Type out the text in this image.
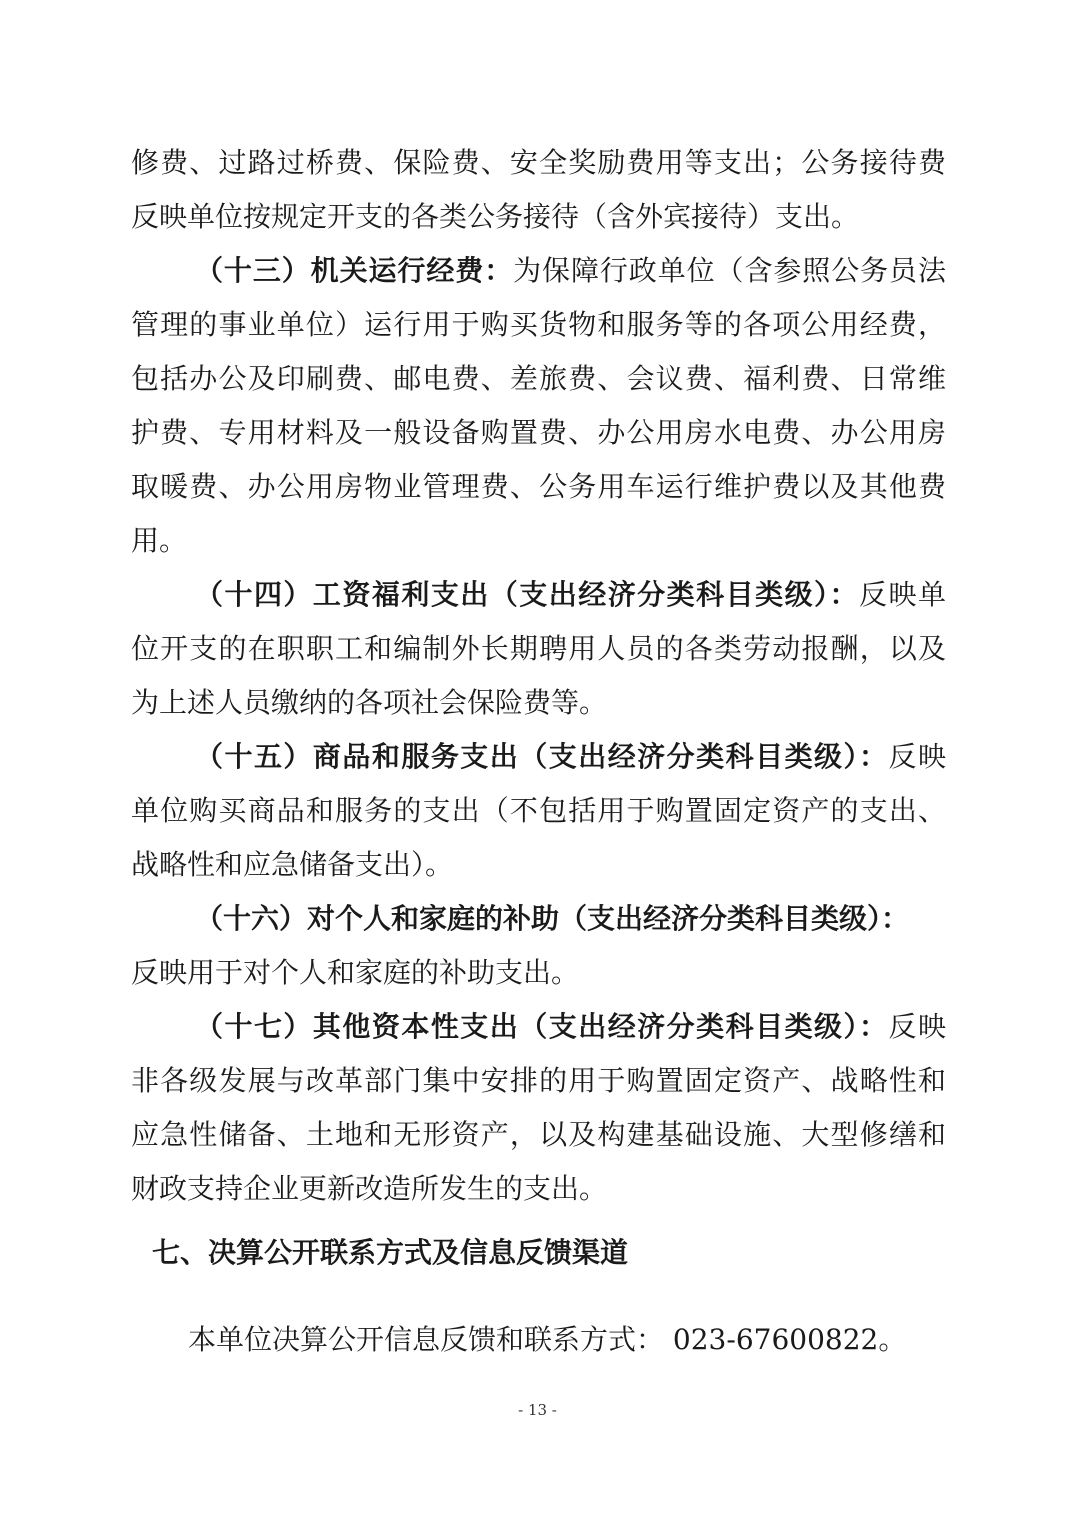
修费、过路过桥费、保险费、安全奖励费用等支出；公务接待费
反映单位按规定开支的各类公务接待（含外宾接待）支出。
（十三）机关运行经费：为保障行政单位（含参照公务员法
管理的事业单位）运行用于购买货物和服务等的各项公用经费，
包括办公及印刷费、邮电费、差旅费、会议费、福利费、日常维
护费、专用材料及一般设备购置费、办公用房水电费、办公用房
取暖费、办公用房物业管理费、公务用车运行维护费以及其他费
用。
（十四）工资福利支出（支出经济分类科目类级）：反映单
位开支的在职职工和编制外长期聘用人员的各类劳动报酬，以及
为上述人员缴纳的各项社会保险费等。
（十五）商品和服务支出（支出经济分类科目类级）：反映
单位购买商品和服务的支出（不包括用于购置固定资产的支出、
战略性和应急储备支出）。
（十六）对个人和家庭的补助（支出经济分类科目类级）：
反映用于对个人和家庭的补助支出。
（十七）其他资本性支出（支出经济分类科目类级）：反映
非各级发展与改革部门集中安排的用于购置固定资产、战略性和
应急性储备、土地和无形资产，以及构建基础设施、大型修缮和
财政支持企业更新改造所发生的支出。
七、决算公开联系方式及信息反馈渠道
本单位决算公开信息反馈和联系方式： 023-67600822。
- 13 -
